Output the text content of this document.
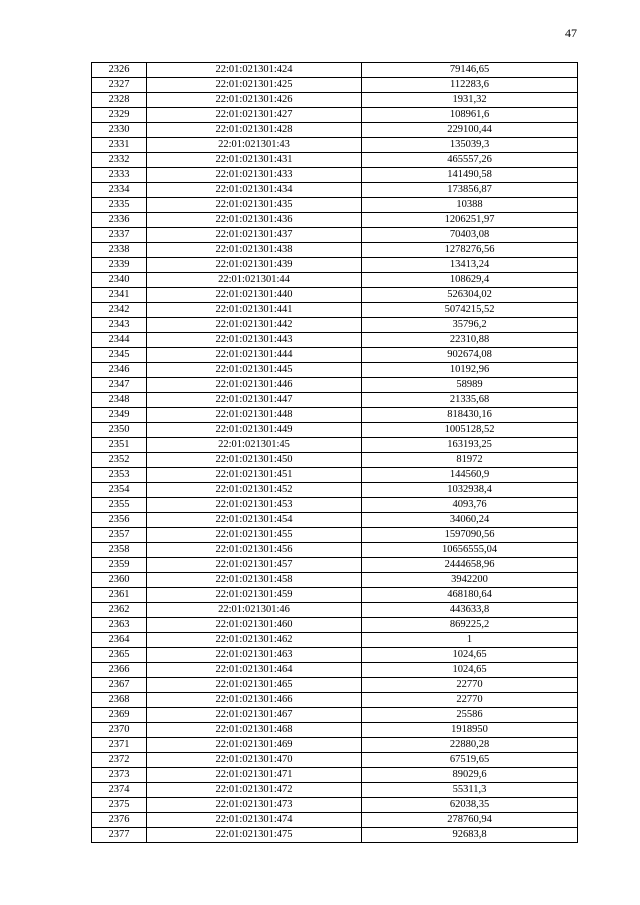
47
2326	22:01:021301:424	79146,65
2327	22:01:021301:425	112283,6
2328	22:01:021301:426	1931,32
2329	22:01:021301:427	108961,6
2330	22:01:021301:428	229100,44
2331	22:01:021301:43	135039,3
2332	22:01:021301:431	465557,26
2333	22:01:021301:433	141490,58
2334	22:01:021301:434	173856,87
2335	22:01:021301:435	10388
2336	22:01:021301:436	1206251,97
2337	22:01:021301:437	70403,08
2338	22:01:021301:438	1278276,56
2339	22:01:021301:439	13413,24
2340	22:01:021301:44	108629,4
2341	22:01:021301:440	526304,02
2342	22:01:021301:441	5074215,52
2343	22:01:021301:442	35796,2
2344	22:01:021301:443	22310,88
2345	22:01:021301:444	902674,08
2346	22:01:021301:445	10192,96
2347	22:01:021301:446	58989
2348	22:01:021301:447	21335,68
2349	22:01:021301:448	818430,16
2350	22:01:021301:449	1005128,52
2351	22:01:021301:45	163193,25
2352	22:01:021301:450	81972
2353	22:01:021301:451	144560,9
2354	22:01:021301:452	1032938,4
2355	22:01:021301:453	4093,76
2356	22:01:021301:454	34060,24
2357	22:01:021301:455	1597090,56
2358	22:01:021301:456	10656555,04
2359	22:01:021301:457	2444658,96
2360	22:01:021301:458	3942200
2361	22:01:021301:459	468180,64
2362	22:01:021301:46	443633,8
2363	22:01:021301:460	869225,2
2364	22:01:021301:462	1
2365	22:01:021301:463	1024,65
2366	22:01:021301:464	1024,65
2367	22:01:021301:465	22770
2368	22:01:021301:466	22770
2369	22:01:021301:467	25586
2370	22:01:021301:468	1918950
2371	22:01:021301:469	22880,28
2372	22:01:021301:470	67519,65
2373	22:01:021301:471	89029,6
2374	22:01:021301:472	55311,3
2375	22:01:021301:473	62038,35
2376	22:01:021301:474	278760,94
2377	22:01:021301:475	92683,8
